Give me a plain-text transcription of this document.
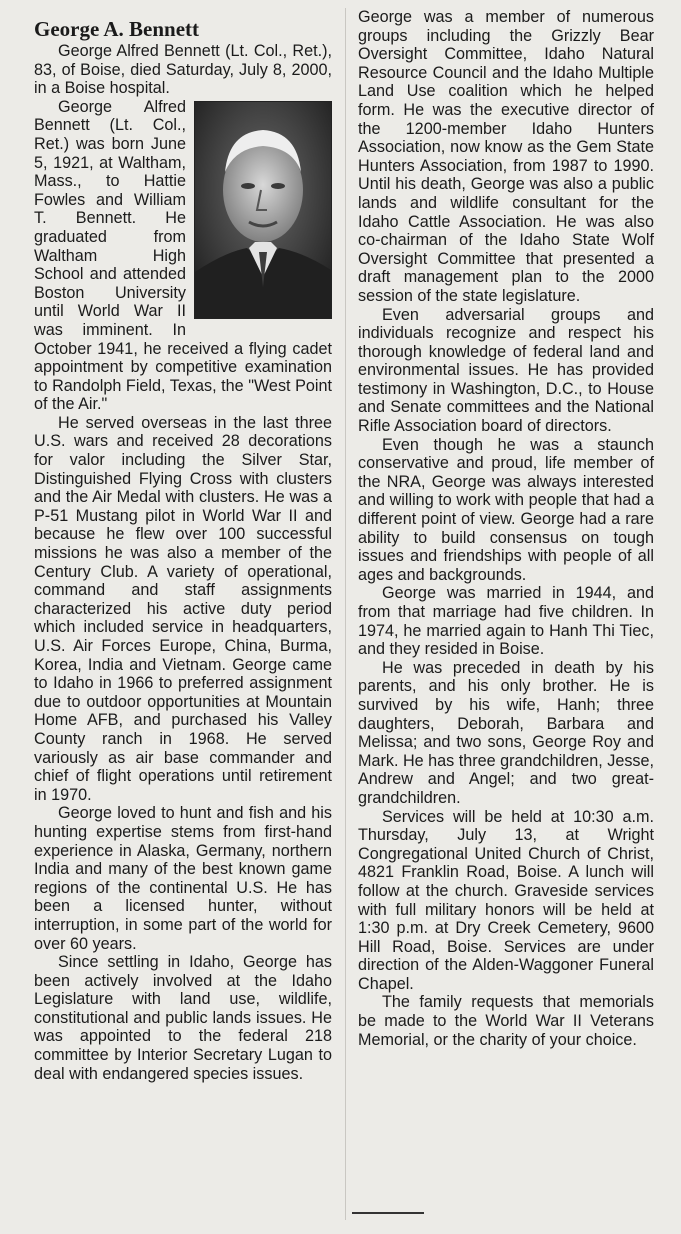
George A. Bennett

George Alfred Bennett (Lt. Col., Ret.), 83, of Boise, died Saturday, July 8, 2000, in a Boise hospital.

George Alfred Bennett (Lt. Col., Ret.) was born June 5, 1921, at Waltham, Mass., to Hattie Fowles and William T. Bennett. He graduated from Waltham High School and attended Boston University until World War II was imminent. In October 1941, he received a flying cadet appointment by competitive examination to Randolph Field, Texas, the "West Point of the Air."

He served overseas in the last three U.S. wars and received 28 decorations for valor including the Silver Star, Distinguished Flying Cross with clusters and the Air Medal with clusters. He was a P-51 Mustang pilot in World War II and because he flew over 100 successful missions he was also a member of the Century Club. A variety of operational, command and staff assignments characterized his active duty period which included service in headquarters, U.S. Air Forces Europe, China, Burma, Korea, India and Vietnam. George came to Idaho in 1966 to preferred assignment due to outdoor opportunities at Mountain Home AFB, and purchased his Valley County ranch in 1968. He served variously as air base commander and chief of flight operations until retirement in 1970.

George loved to hunt and fish and his hunting expertise stems from first-hand experience in Alaska, Germany, northern India and many of the best known game regions of the continental U.S. He has been a licensed hunter, without interruption, in some part of the world for over 60 years.

Since settling in Idaho, George has been actively involved at the Idaho Legislature with land use, wildlife, constitutional and public lands issues. He was appointed to the federal 218 committee by Interior Secretary Lugan to deal with endangered species issues.

George was a member of numerous groups including the Grizzly Bear Oversight Committee, Idaho Natural Resource Council and the Idaho Multiple Land Use coalition which he helped form. He was the executive director of the 1200-member Idaho Hunters Association, now know as the Gem State Hunters Association, from 1987 to 1990. Until his death, George was also a public lands and wildlife consultant for the Idaho Cattle Association. He was also co-chairman of the Idaho State Wolf Oversight Committee that presented a draft management plan to the 2000 session of the state legislature.

Even adversarial groups and individuals recognize and respect his thorough knowledge of federal land and environmental issues. He has provided testimony in Washington, D.C., to House and Senate committees and the National Rifle Association board of directors.

Even though he was a staunch conservative and proud, life member of the NRA, George was always interested and willing to work with people that had a different point of view. George had a rare ability to build consensus on tough issues and friendships with people of all ages and backgrounds.

George was married in 1944, and from that marriage had five children. In 1974, he married again to Hanh Thi Tiec, and they resided in Boise.

He was preceded in death by his parents, and his only brother. He is survived by his wife, Hanh; three daughters, Deborah, Barbara and Melissa; and two sons, George Roy and Mark. He has three grandchildren, Jesse, Andrew and Angel; and two great-grandchildren.

Services will be held at 10:30 a.m. Thursday, July 13, at Wright Congregational United Church of Christ, 4821 Franklin Road, Boise. A lunch will follow at the church. Graveside services with full military honors will be held at 1:30 p.m. at Dry Creek Cemetery, 9600 Hill Road, Boise. Services are under direction of the Alden-Waggoner Funeral Chapel.

The family requests that memorials be made to the World War II Veterans Memorial, or the charity of your choice.
